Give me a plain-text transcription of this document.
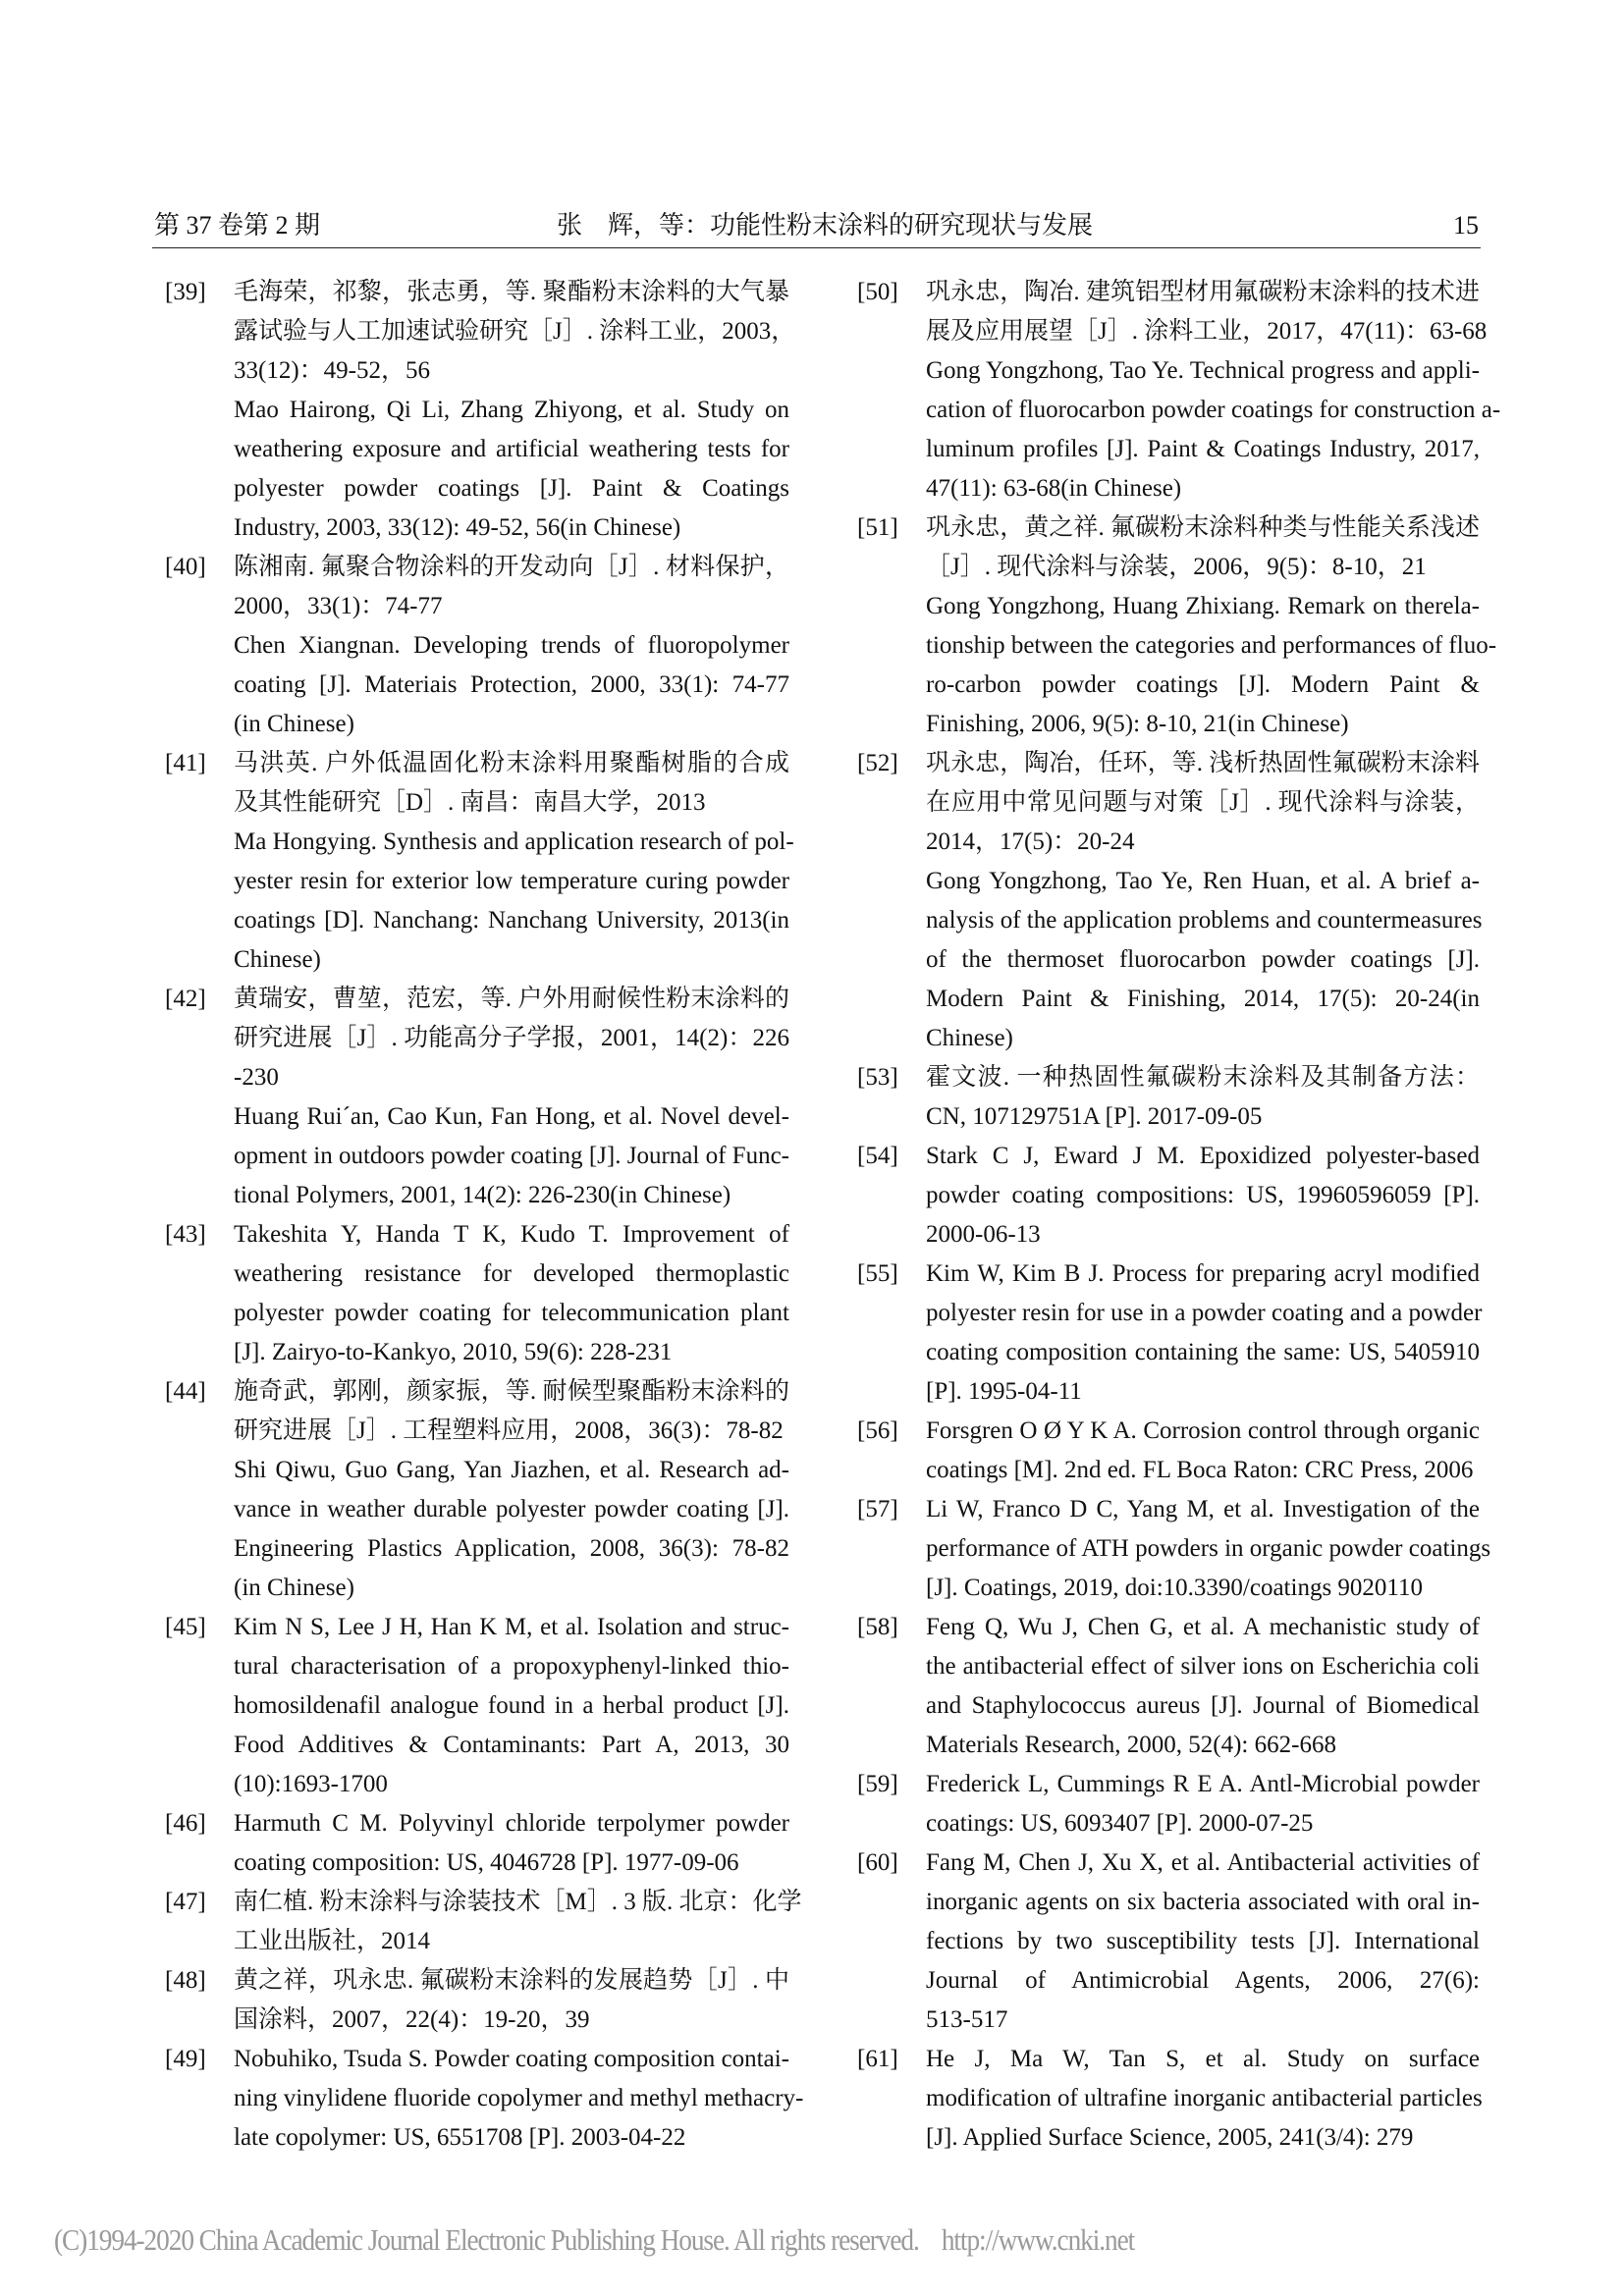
第 37 卷第 2 期	张　辉，等：功能性粉末涂料的研究现状与发展	15
[39] 毛海荣，祁黎，张志勇，等. 聚酯粉末涂料的大气暴
露试验与人工加速试验研究［J］. 涂料工业，2003，
33(12)：49-52，56
Mao Hairong, Qi Li, Zhang Zhiyong, et al. Study on
weathering exposure and artificial weathering tests for
polyester powder coatings [J]. Paint & Coatings
Industry, 2003, 33(12): 49-52, 56(in Chinese)
[40] 陈湘南. 氟聚合物涂料的开发动向［J］. 材料保护，
2000，33(1)：74-77
Chen Xiangnan. Developing trends of fluoropolymer
coating [J]. Materiais Protection, 2000, 33(1): 74-77
(in Chinese)
[41] 马洪英. 户外低温固化粉末涂料用聚酯树脂的合成
及其性能研究［D］. 南昌：南昌大学，2013
Ma Hongying. Synthesis and application research of pol-
yester resin for exterior low temperature curing powder
coatings [D]. Nanchang: Nanchang University, 2013(in
Chinese)
[42] 黄瑞安，曹堃，范宏，等. 户外用耐候性粉末涂料的
研究进展［J］. 功能高分子学报，2001，14(2)：226
-230
Huang Rui´an, Cao Kun, Fan Hong, et al. Novel devel-
opment in outdoors powder coating [J]. Journal of Func-
tional Polymers, 2001, 14(2): 226-230(in Chinese)
[43] Takeshita Y, Handa T K, Kudo T. Improvement of
weathering resistance for developed thermoplastic
polyester powder coating for telecommunication plant
[J]. Zairyo-to-Kankyo, 2010, 59(6): 228-231
[44] 施奇武，郭刚，颜家振，等. 耐候型聚酯粉末涂料的
研究进展［J］. 工程塑料应用，2008，36(3)：78-82
Shi Qiwu, Guo Gang, Yan Jiazhen, et al. Research ad-
vance in weather durable polyester powder coating [J].
Engineering Plastics Application, 2008, 36(3): 78-82
(in Chinese)
[45] Kim N S, Lee J H, Han K M, et al. Isolation and struc-
tural characterisation of a propoxyphenyl-linked thio-
homosildenafil analogue found in a herbal product [J].
Food Additives & Contaminants: Part A, 2013, 30
(10):1693-1700
[46] Harmuth C M. Polyvinyl chloride terpolymer powder
coating composition: US, 4046728 [P]. 1977-09-06
[47] 南仁植. 粉末涂料与涂装技术［M］. 3 版. 北京：化学
工业出版社，2014
[48] 黄之祥，巩永忠. 氟碳粉末涂料的发展趋势［J］. 中
国涂料，2007，22(4)：19-20，39
[49] Nobuhiko, Tsuda S. Powder coating composition contai-
ning vinylidene fluoride copolymer and methyl methacry-
late copolymer: US, 6551708 [P]. 2003-04-22
[50] 巩永忠，陶冶. 建筑铝型材用氟碳粉末涂料的技术进
展及应用展望［J］. 涂料工业，2017，47(11)：63-68
Gong Yongzhong, Tao Ye. Technical progress and appli-
cation of fluorocarbon powder coatings for construction a-
luminum profiles [J]. Paint & Coatings Industry, 2017,
47(11): 63-68(in Chinese)
[51] 巩永忠，黄之祥. 氟碳粉末涂料种类与性能关系浅述
［J］. 现代涂料与涂装，2006，9(5)：8-10，21
Gong Yongzhong, Huang Zhixiang. Remark on therela-
tionship between the categories and performances of fluo-
ro-carbon powder coatings [J]. Modern Paint &
Finishing, 2006, 9(5): 8-10, 21(in Chinese)
[52] 巩永忠，陶冶，任环，等. 浅析热固性氟碳粉末涂料
在应用中常见问题与对策［J］. 现代涂料与涂装，
2014，17(5)：20-24
Gong Yongzhong, Tao Ye, Ren Huan, et al. A brief a-
nalysis of the application problems and countermeasures
of the thermoset fluorocarbon powder coatings [J].
Modern Paint & Finishing, 2014, 17(5): 20-24(in
Chinese)
[53] 霍文波. 一种热固性氟碳粉末涂料及其制备方法：
CN, 107129751A [P]. 2017-09-05
[54] Stark C J, Eward J M. Epoxidized polyester-based
powder coating compositions: US, 19960596059 [P].
2000-06-13
[55] Kim W, Kim B J. Process for preparing acryl modified
polyester resin for use in a powder coating and a powder
coating composition containing the same: US, 5405910
[P]. 1995-04-11
[56] Forsgren O Ø Y K A. Corrosion control through organic
coatings [M]. 2nd ed. FL Boca Raton: CRC Press, 2006
[57] Li W, Franco D C, Yang M, et al. Investigation of the
performance of ATH powders in organic powder coatings
[J]. Coatings, 2019, doi:10.3390/coatings 9020110
[58] Feng Q, Wu J, Chen G, et al. A mechanistic study of
the antibacterial effect of silver ions on Escherichia coli
and Staphylococcus aureus [J]. Journal of Biomedical
Materials Research, 2000, 52(4): 662-668
[59] Frederick L, Cummings R E A. Antl-Microbial powder
coatings: US, 6093407 [P]. 2000-07-25
[60] Fang M, Chen J, Xu X, et al. Antibacterial activities of
inorganic agents on six bacteria associated with oral in-
fections by two susceptibility tests [J]. International
Journal of Antimicrobial Agents, 2006, 27(6):
513-517
[61] He J, Ma W, Tan S, et al. Study on surface
modification of ultrafine inorganic antibacterial particles
[J]. Applied Surface Science, 2005, 241(3/4): 279
(C)1994-2020 China Academic Journal Electronic Publishing House. All rights reserved.    http://www.cnki.net
